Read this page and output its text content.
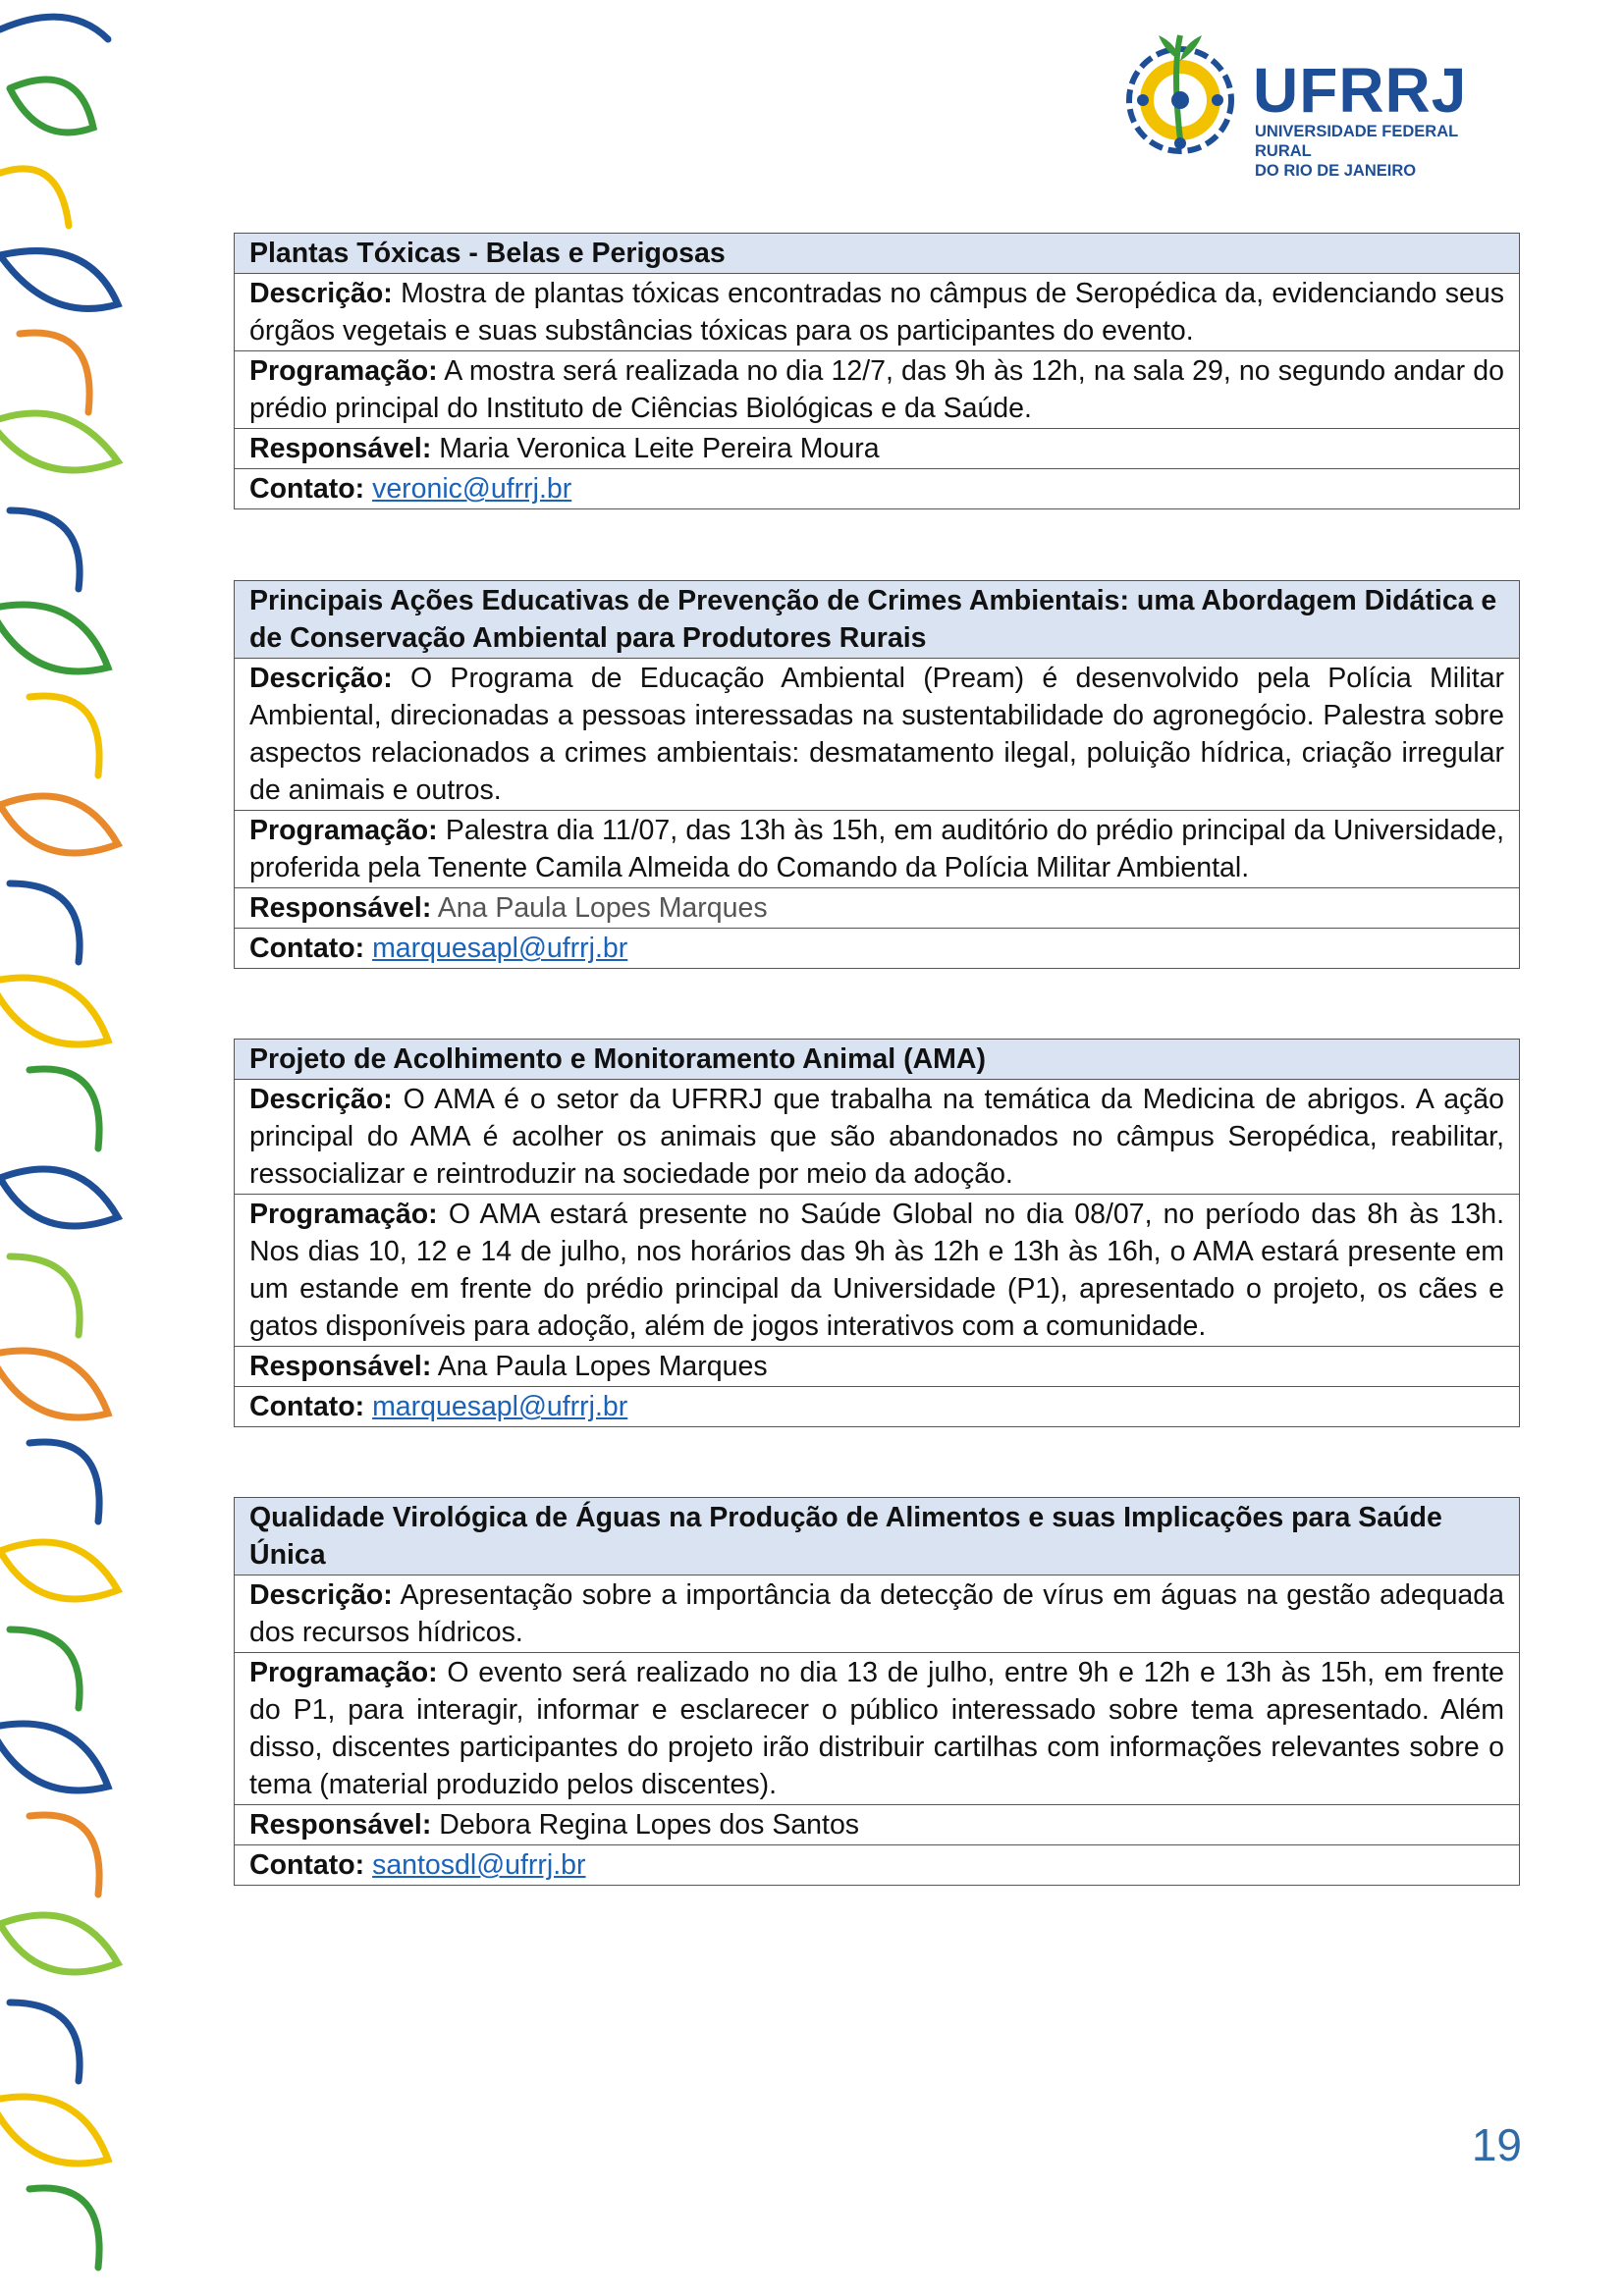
UFRRJ
UNIVERSIDADE FEDERAL RURAL
DO RIO DE JANEIRO
Plantas Tóxicas - Belas e Perigosas
Descrição: Mostra de plantas tóxicas encontradas no câmpus de Seropédica da, evidenciando seus órgãos vegetais e suas substâncias tóxicas para os participantes do evento.
Programação: A mostra será realizada no dia 12/7, das 9h às 12h, na sala 29, no segundo andar do prédio principal do Instituto de Ciências Biológicas e da Saúde.
Responsável: Maria Veronica Leite Pereira Moura
Contato: veronic@ufrrj.br
Principais Ações Educativas de Prevenção de Crimes Ambientais: uma Abordagem Didática e de Conservação Ambiental para Produtores Rurais
Descrição: O Programa de Educação Ambiental (Pream) é desenvolvido pela Polícia Militar Ambiental, direcionadas a pessoas interessadas na sustentabilidade do agronegócio. Palestra sobre aspectos relacionados a crimes ambientais: desmatamento ilegal, poluição hídrica, criação irregular de animais e outros.
Programação: Palestra dia 11/07, das 13h às 15h, em auditório do prédio principal da Universidade, proferida pela Tenente Camila Almeida do Comando da Polícia Militar Ambiental.
Responsável: Ana Paula Lopes Marques
Contato: marquesapl@ufrrj.br
Projeto de Acolhimento e Monitoramento Animal (AMA)
Descrição: O AMA é o setor da UFRRJ que trabalha na temática da Medicina de abrigos. A ação principal do AMA é acolher os animais que são abandonados no câmpus Seropédica, reabilitar, ressocializar e reintroduzir na sociedade por meio da adoção.
Programação: O AMA estará presente no Saúde Global no dia 08/07, no período das 8h às 13h. Nos dias 10, 12 e 14 de julho, nos horários das 9h às 12h e 13h às 16h, o AMA estará presente em um estande em frente do prédio principal da Universidade (P1), apresentado o projeto, os cães e gatos disponíveis para adoção, além de jogos interativos com a comunidade.
Responsável: Ana Paula Lopes Marques
Contato: marquesapl@ufrrj.br
Qualidade Virológica de Águas na Produção de Alimentos e suas Implicações para Saúde Única
Descrição: Apresentação sobre a importância da detecção de vírus em águas na gestão adequada dos recursos hídricos.
Programação: O evento será realizado no dia 13 de julho, entre 9h e 12h e 13h às 15h, em frente do P1, para interagir, informar e esclarecer o público interessado sobre tema apresentado. Além disso, discentes participantes do projeto irão distribuir cartilhas com informações relevantes sobre o tema (material produzido pelos discentes).
Responsável: Debora Regina Lopes dos Santos
Contato: santosdl@ufrrj.br
19
